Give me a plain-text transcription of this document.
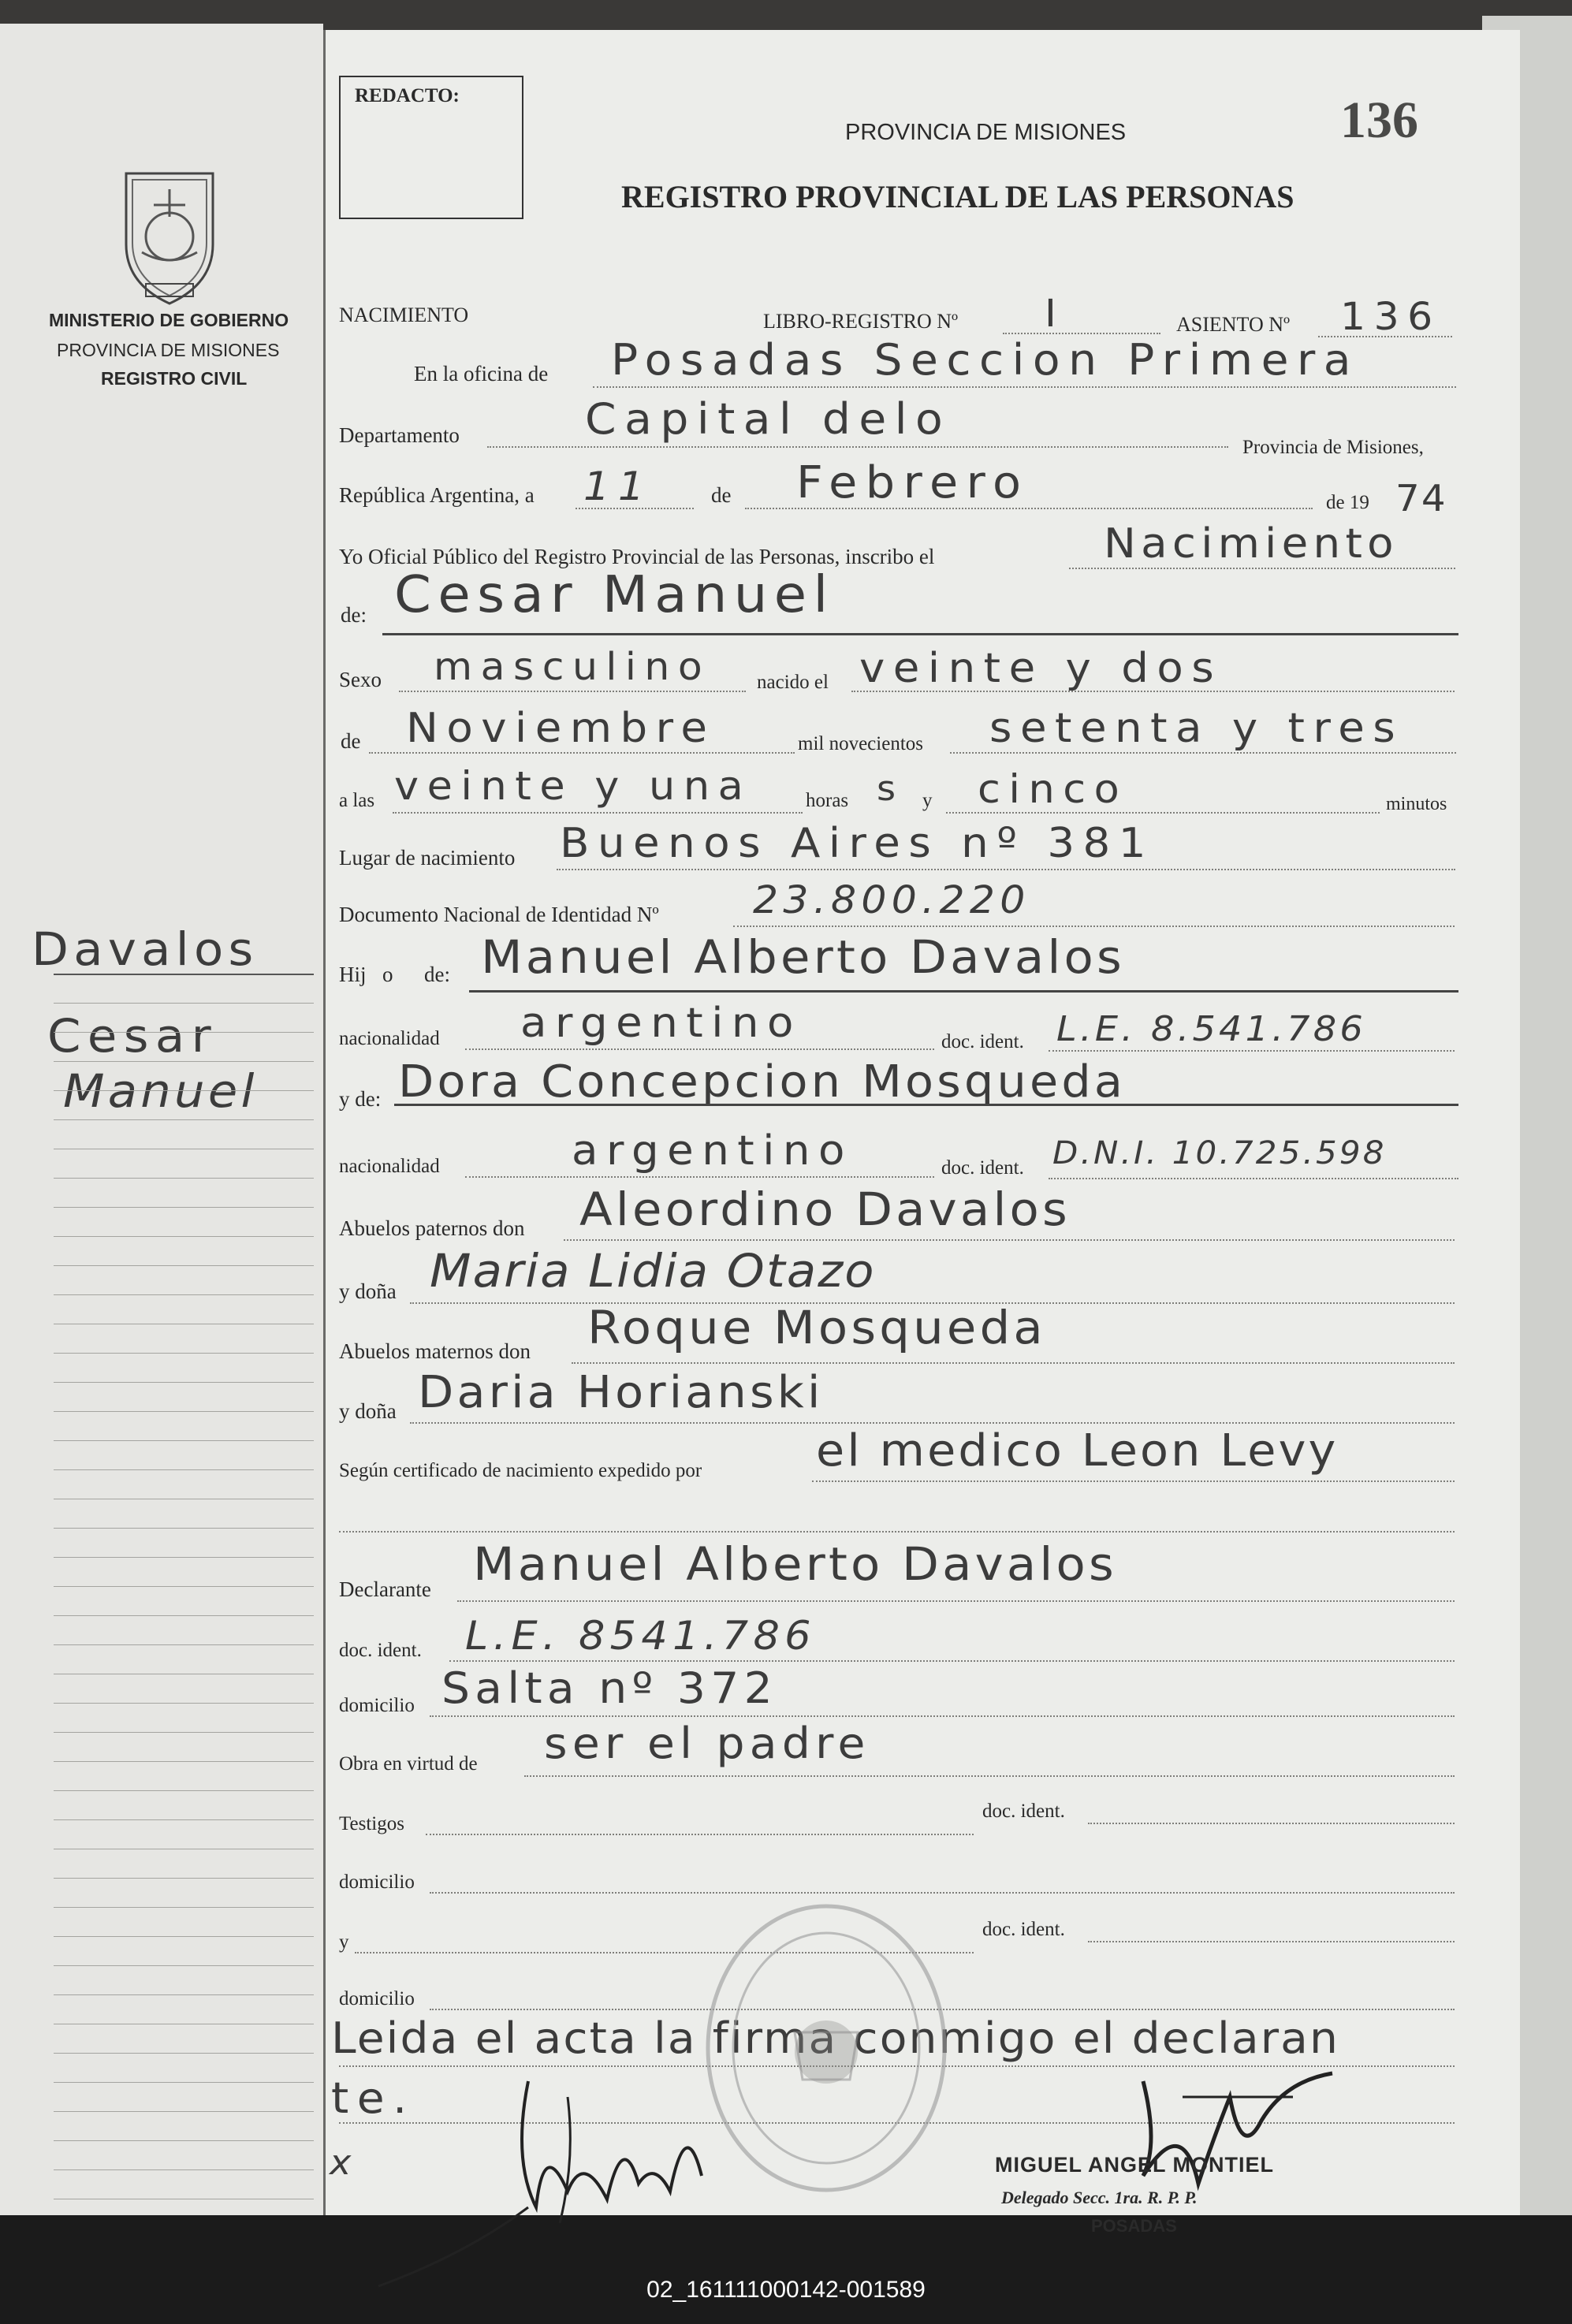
MINISTERIO DE GOBIERNO
PROVINCIA DE MISIONES
REGISTRO CIVIL
Davalos
Cesar
Manuel
REDACTO:
PROVINCIA DE MISIONES
REGISTRO PROVINCIAL DE LAS PERSONAS
136
NACIMIENTO	LIBRO-REGISTRO Nº I	ASIENTO Nº 136
En la oficina de Posadas Seccion Primera
Departamento	Capital delo
Provincia de Misiones,
República Argentina, a 11	de Febrero	de 19 74
Yo Oficial Público del Registro Provincial de las Personas, inscribo el	Nacimiento
de: Cesar Manuel
Sexo masculino nacido el veinte y dos
de Noviembre	mil novecientos setenta y tres
a las veinte y una	horas s y cinco	minutos
Lugar de nacimiento Buenos Aires nº 381
Documento Nacional de Identidad Nº 23.800.220
Hij o de: Manuel Alberto Davalos
nacionalidad argentino	doc. ident. L.E. 8.541.786
y de: Dora Concepcion Mosqueda
nacionalidad	argentino	doc. ident. D.N.I. 10.725.598
Abuelos paternos don Aleordino Davalos
y doña Maria Lidia Otazo
Abuelos maternos don Roque Mosqueda
y doña Daria Horianski
Según certificado de nacimiento expedido por	el medico Leon Levy
Declarante Manuel Alberto Davalos
doc. ident. L.E. 8541.786
domicilio Salta nº 372
Obra en virtud de ser el padre
Testigos
doc. ident.
domicilio
y
doc. ident.
domicilio
Leida el acta la firma conmigo el declaran
te.
x	MIGUEL ANGEL MONTIEL
Delegado Secc. 1ra. R. P. P.
POSADAS
02_161111000142-001589
